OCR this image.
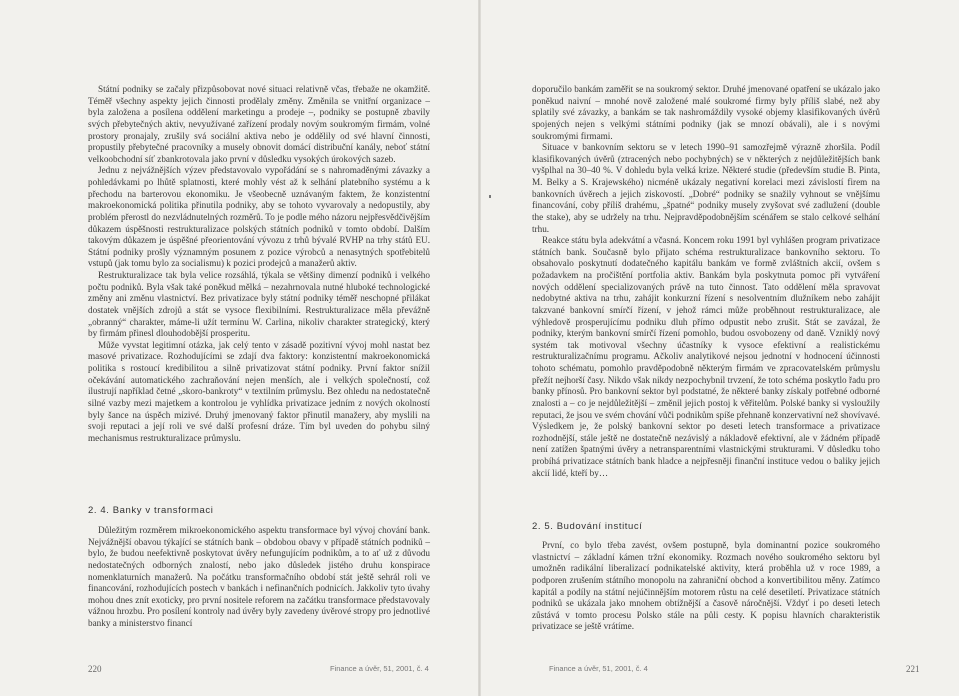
Státní podniky se začaly přizpůsobovat nové situaci relativně včas, třebaže ne okamžitě. Téměř všechny aspekty jejich činnosti prodělaly změny. Změnila se vnitřní organizace – byla založena a posílena oddělení marketingu a prodeje –, podniky se postupně zbavily svých přebytečných aktiv, nevyužívané zařízení prodaly novým soukromým firmám, volné prostory pronajaly, zrušily svá sociální aktiva nebo je oddělily od své hlavní činnosti, propustily přebytečné pracovníky a musely obnovit domácí distribuční kanály, neboť státní velkoobchodní síť zbankrotovala jako první v důsledku vysokých úrokových sazeb.

Jednu z nejvážnějších výzev představovalo vypořádání se s nahromaděnými závazky a pohledávkami po lhůtě splatnosti, které mohly vést až k selhání platebního systému a k přechodu na barterovou ekonomiku. Je všeobecně uznávaným faktem, že konzistentní makroekonomická politika přinutila podniky, aby se tohoto vyvarovaly a nedopustily, aby problém přerostl do nezvládnutelných rozměrů. To je podle mého názoru nejpřesvědčivějším důkazem úspěšnosti restrukturalizace polských státních podniků v tomto období. Dalším takovým důkazem je úspěšné přeorientování vývozu z trhů bývalé RVHP na trhy států EU. Státní podniky prošly významným posunem z pozice výrobců a nenasytných spotřebitelů vstupů (jak tomu bylo za socialismu) k pozici prodejců a manažerů aktiv.

Restrukturalizace tak byla velice rozsáhlá, týkala se většiny dimenzí podniků i velkého počtu podniků. Byla však také poněkud mělká – nezahrnovala nutné hluboké technologické změny ani změnu vlastnictví. Bez privatizace byly státní podniky téměř neschopné přilákat dostatek vnějších zdrojů a stát se vysoce flexibilními. Restrukturalizace měla převážně „obranný“ charakter, máme-li užít termínu W. Carlina, nikoliv charakter strategický, který by firmám přinesl dlouhodobější prosperitu.

Může vyvstat legitimní otázka, jak celý tento v zásadě pozitivní vývoj mohl nastat bez masové privatizace. Rozhodujícími se zdají dva faktory: konzistentní makroekonomická politika s rostoucí kredibilitou a silně privatizovat státní podniky. První faktor snížil očekávání automatického zachraňování nejen menších, ale i velkých společností, což ilustrují například četné „skoro-bankroty“ v textilním průmyslu. Bez ohledu na nedostatečně silné vazby mezi majetkem a kontrolou je vyhlídka privatizace jedním z nových okolností byly šance na úspěch mizivé. Druhý jmenovaný faktor přinutil manažery, aby myslili na svoji reputaci a její roli ve své další profesní dráze. Tím byl uveden do pohybu silný mechanismus restrukturalizace průmyslu.

2. 4. Banky v transformaci

Důležitým rozměrem mikroekonomického aspektu transformace byl vývoj chování bank. Nejvážnější obavou týkající se státních bank – obdobou obavy v případě státních podniků – bylo, že budou neefektivně poskytovat úvěry nefungujícím podnikům, a to ať už z důvodu nedostatečných odborných znalostí, nebo jako důsledek jistého druhu konspirace nomenklaturních manažerů. Na počátku transformačního období stát ještě sehrál roli ve financování, rozhodujících postech v bankách i nefinančních podnicích. Jakkoliv tyto úvahy mohou dnes znít exoticky, pro první nositele reforem na začátku transformace představovaly vážnou hrozbu. Pro posílení kontroly nad úvěry byly zavedeny úvěrové stropy pro jednotlivé banky a ministerstvo financí

220	Finance a úvěr, 51, 2001, č. 4

doporučilo bankám zaměřit se na soukromý sektor. Druhé jmenované opatření se ukázalo jako poněkud naivní – mnohé nově založené malé soukromé firmy byly příliš slabé, než aby splatily své závazky, a bankám se tak nashromáždily vysoké objemy klasifikovaných úvěrů spojených nejen s velkými státními podniky (jak se mnozí obávali), ale i s novými soukromými firmami.

Situace v bankovním sektoru se v letech 1990–91 samozřejmě výrazně zhoršila. Podíl klasifikovaných úvěrů (ztracených nebo pochybných) se v některých z nejdůležitějších bank vyšplhal na 30–40 %. V dohledu byla velká krize. Některé studie (především studie B. Pinta, M. Belky a S. Krajewského) nicméně ukázaly negativní korelaci mezi závislostí firem na bankovních úvěrech a jejich ziskovostí. „Dobré“ podniky se snažily vyhnout se vnějšímu financování, coby příliš drahému, „špatné“ podniky musely zvyšovat své zadlužení (double the stake), aby se udržely na trhu. Nejpravděpodobnějším scénářem se stalo celkové selhání trhu.

Reakce státu byla adekvátní a včasná. Koncem roku 1991 byl vyhlášen program privatizace státních bank. Současně bylo přijato schéma restrukturalizace bankovního sektoru. To obsahovalo poskytnutí dodatečného kapitálu bankám ve formě zvláštních akcií, ovšem s požadavkem na pročištění portfolia aktiv. Bankám byla poskytnuta pomoc při vytváření nových oddělení specializovaných právě na tuto činnost. Tato oddělení měla spravovat nedobytné aktiva na trhu, zahájit konkurzní řízení s nesolventním dlužníkem nebo zahájit takzvané bankovní smírčí řízení, v jehož rámci může proběhnout restrukturalizace, ale výhledově prosperujícímu podniku dluh přímo odpustit nebo zrušit. Stát se zavázal, že podniky, kterým bankovní smírčí řízení pomohlo, budou osvobozeny od daně. Vzniklý nový systém tak motivoval všechny účastníky k vysoce efektivní a realistickému restrukturalizačnímu programu. Ačkoliv analytikové nejsou jednotní v hodnocení účinnosti tohoto schématu, pomohlo pravděpodobně některým firmám ve zpracovatelském průmyslu přežít nejhorší časy. Nikdo však nikdy nezpochybnil trvzení, že toto schéma poskytlo řadu pro banky přínosů. Pro bankovní sektor byl podstatné, že některé banky získaly potřebné odborné znalosti a – co je nejdůležitější – změnil jejich postoj k věřitelům. Polské banky si vysloužily reputaci, že jsou ve svém chování vůči podnikům spíše přehnaně konzervativní než shovívavé. Výsledkem je, že polský bankovní sektor po deseti letech transformace a privatizace rozhodnější, stále ještě ne dostatečně nezávislý a nákladově efektivní, ale v žádném případě není zatížen špatnými úvěry a netransparentními vlastnickými strukturami. V důsledku toho probíhá privatizace státních bank hladce a nejpřesněji finanční instituce vedou o baliky jejich akcií lidé, kteří by…

2. 5. Budování institucí

První, co bylo třeba zavést, ovšem postupně, byla dominantní pozice soukromého vlastnictví – základní kámen tržní ekonomiky. Rozmach nového soukromého sektoru byl umožněn radikální liberalizací podnikatelské aktivity, která proběhla už v roce 1989, a podporen zrušením státního monopolu na zahraniční obchod a konvertibilitou měny. Zatímco kapitál a podíly na státní nejúčinnějším motorem růstu na celé desetiletí. Privatizace státních podniků se ukázala jako mnohem obtížnější a časově náročnější. Vždyť i po deseti letech zůstává v tomto procesu Polsko stále na půli cesty. K popisu hlavních charakteristik privatizace se ještě vrátíme.

Finance a úvěr, 51, 2001, č. 4	221
